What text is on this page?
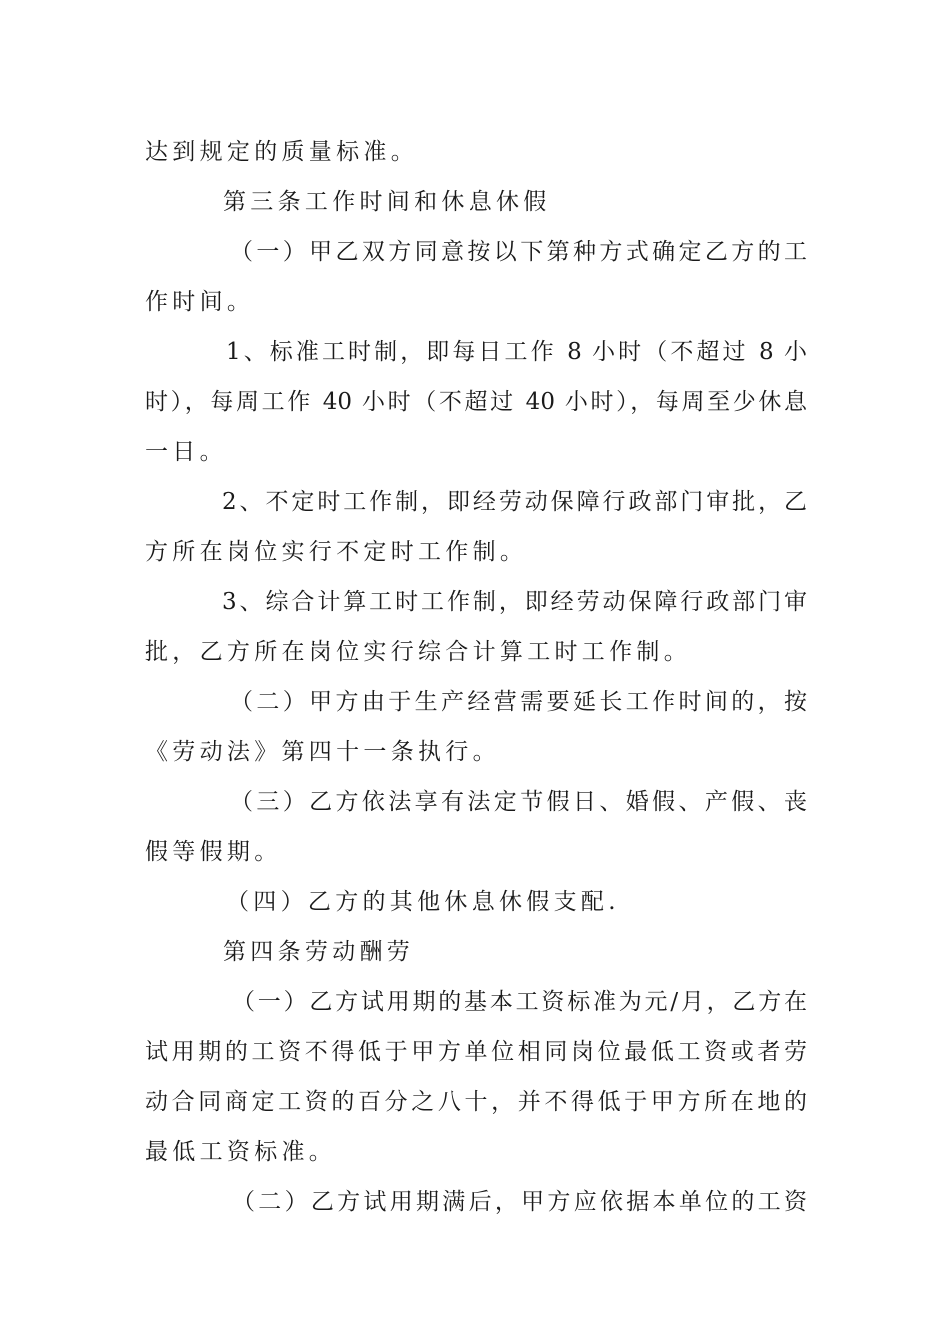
达到规定的质量标准。
第三条工作时间和休息休假
（一）甲乙双方同意按以下第种方式确定乙方的工
作时间。
1、标准工时制，即每日工作 8 小时（不超过 8 小
时），每周工作 40 小时（不超过 40 小时），每周至少休息
一日。
2、不定时工作制，即经劳动保障行政部门审批，乙
方所在岗位实行不定时工作制。
3、综合计算工时工作制，即经劳动保障行政部门审
批，乙方所在岗位实行综合计算工时工作制。
（二）甲方由于生产经营需要延长工作时间的，按
《劳动法》第四十一条执行。
（三）乙方依法享有法定节假日、婚假、产假、丧
假等假期。
（四）乙方的其他休息休假支配.
第四条劳动酬劳
（一）乙方试用期的基本工资标准为元/月，乙方在
试用期的工资不得低于甲方单位相同岗位最低工资或者劳
动合同商定工资的百分之八十，并不得低于甲方所在地的
最低工资标准。
（二）乙方试用期满后，甲方应依据本单位的工资
